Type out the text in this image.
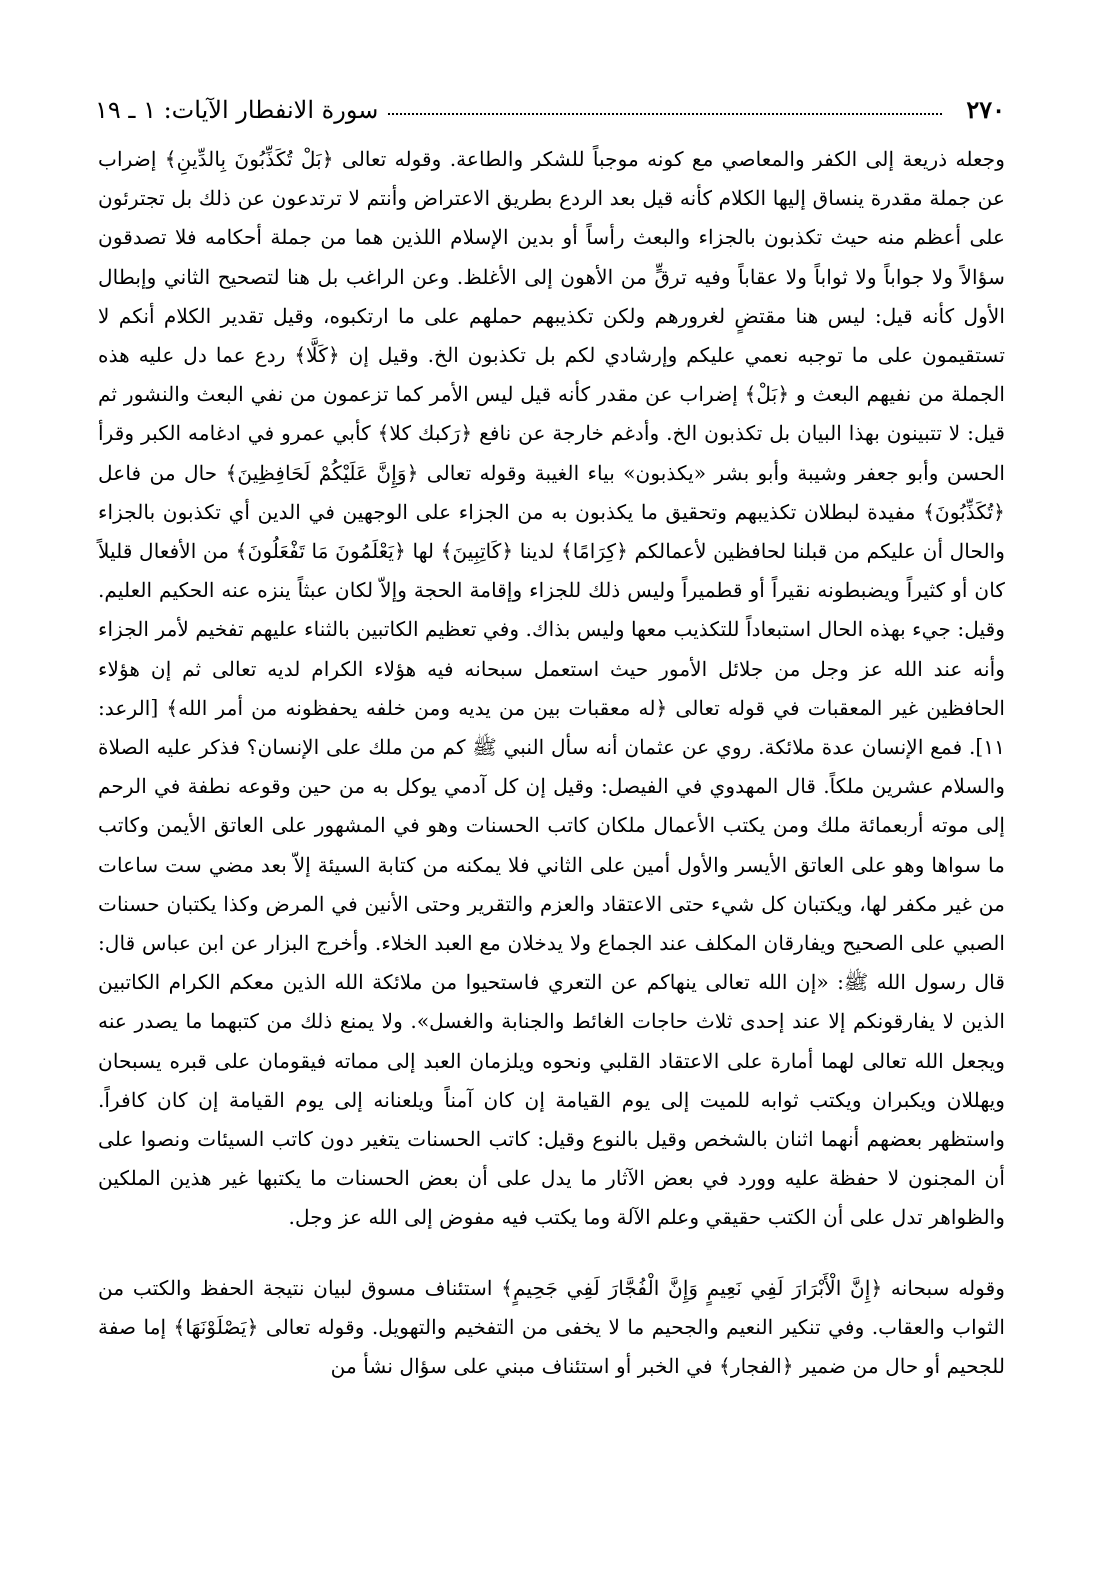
٢٧٠
سورة الانفطار الآيات: ١ ـ ١٩

وجعله ذريعة إلى الكفر والمعاصي مع كونه موجباً للشكر والطاعة. وقوله تعالى ﴿بَلْ تُكَذِّبُونَ بِالدِّينِ﴾ إضراب عن جملة مقدرة ينساق إليها الكلام كأنه قيل بعد الردع بطريق الاعتراض وأنتم لا ترتدعون عن ذلك بل تجترئون على أعظم منه حيث تكذبون بالجزاء والبعث رأساً أو بدين الإسلام اللذين هما من جملة أحكامه فلا تصدقون سؤالاً ولا جواباً ولا ثواباً ولا عقاباً وفيه ترقٍّ من الأهون إلى الأغلظ. وعن الراغب بل هنا لتصحيح الثاني وإبطال الأول كأنه قيل: ليس هنا مقتضٍ لغرورهم ولكن تكذيبهم حملهم على ما ارتكبوه، وقيل تقدير الكلام أنكم لا تستقيمون على ما توجبه نعمي عليكم وإرشادي لكم بل تكذبون الخ. وقيل إن ﴿كَلَّا﴾ ردع عما دل عليه هذه الجملة من نفيهم البعث و ﴿بَلْ﴾ إضراب عن مقدر كأنه قيل ليس الأمر كما تزعمون من نفي البعث والنشور ثم قيل: لا تتبينون بهذا البيان بل تكذبون الخ. وأدغم خارجة عن نافع ﴿رَكبك كلا﴾ كأبي عمرو في ادغامه الكبر وقرأ الحسن وأبو جعفر وشيبة وأبو بشر «يكذبون» بياء الغيبة وقوله تعالى ﴿وَإِنَّ عَلَيْكُمْ لَحَافِظِينَ﴾ حال من فاعل ﴿تُكَذِّبُونَ﴾ مفيدة لبطلان تكذيبهم وتحقيق ما يكذبون به من الجزاء على الوجهين في الدين أي تكذبون بالجزاء والحال أن عليكم من قبلنا لحافظين لأعمالكم ﴿كِرَامًا﴾ لدينا ﴿كَاتِبِينَ﴾ لها ﴿يَعْلَمُونَ مَا تَفْعَلُونَ﴾ من الأفعال قليلاً كان أو كثيراً ويضبطونه نقيراً أو قطميراً وليس ذلك للجزاء وإقامة الحجة وإلاّ لكان عبثاً ينزه عنه الحكيم العليم. وقيل: جيء بهذه الحال استبعاداً للتكذيب معها وليس بذاك. وفي تعظيم الكاتبين بالثناء عليهم تفخيم لأمر الجزاء وأنه عند الله عز وجل من جلائل الأمور حيث استعمل سبحانه فيه هؤلاء الكرام لديه تعالى ثم إن هؤلاء الحافظين غير المعقبات في قوله تعالى ﴿له معقبات بين من يديه ومن خلفه يحفظونه من أمر الله﴾ [الرعد: ١١]. فمع الإنسان عدة ملائكة. روي عن عثمان أنه سأل النبي ﷺ كم من ملك على الإنسان؟ فذكر عليه الصلاة والسلام عشرين ملكاً. قال المهدوي في الفيصل: وقيل إن كل آدمي يوكل به من حين وقوعه نطفة في الرحم إلى موته أربعمائة ملك ومن يكتب الأعمال ملكان كاتب الحسنات وهو في المشهور على العاتق الأيمن وكاتب ما سواها وهو على العاتق الأيسر والأول أمين على الثاني فلا يمكنه من كتابة السيئة إلاّ بعد مضي ست ساعات من غير مكفر لها، ويكتبان كل شيء حتى الاعتقاد والعزم والتقرير وحتى الأنين في المرض وكذا يكتبان حسنات الصبي على الصحيح ويفارقان المكلف عند الجماع ولا يدخلان مع العبد الخلاء. وأخرج البزار عن ابن عباس قال: قال رسول الله ﷺ: «إن الله تعالى ينهاكم عن التعري فاستحيوا من ملائكة الله الذين معكم الكرام الكاتبين الذين لا يفارقونكم إلا عند إحدى ثلاث حاجات الغائط والجنابة والغسل». ولا يمنع ذلك من كتبهما ما يصدر عنه ويجعل الله تعالى لهما أمارة على الاعتقاد القلبي ونحوه ويلزمان العبد إلى مماته فيقومان على قبره يسبحان ويهللان ويكبران ويكتب ثوابه للميت إلى يوم القيامة إن كان آمناً ويلعنانه إلى يوم القيامة إن كان كافراً. واستظهر بعضهم أنهما اثنان بالشخص وقيل بالنوع وقيل: كاتب الحسنات يتغير دون كاتب السيئات ونصوا على أن المجنون لا حفظة عليه وورد في بعض الآثار ما يدل على أن بعض الحسنات ما يكتبها غير هذين الملكين والظواهر تدل على أن الكتب حقيقي وعلم الآلة وما يكتب فيه مفوض إلى الله عز وجل.

وقوله سبحانه ﴿إِنَّ الْأَبْرَارَ لَفِي نَعِيمٍ وَإِنَّ الْفُجَّارَ لَفِي جَحِيمٍ﴾ استئناف مسوق لبيان نتيجة الحفظ والكتب من الثواب والعقاب. وفي تنكير النعيم والجحيم ما لا يخفى من التفخيم والتهويل. وقوله تعالى ﴿يَصْلَوْنَهَا﴾ إما صفة للجحيم أو حال من ضمير ﴿الفجار﴾ في الخبر أو استئناف مبني على سؤال نشأ من
